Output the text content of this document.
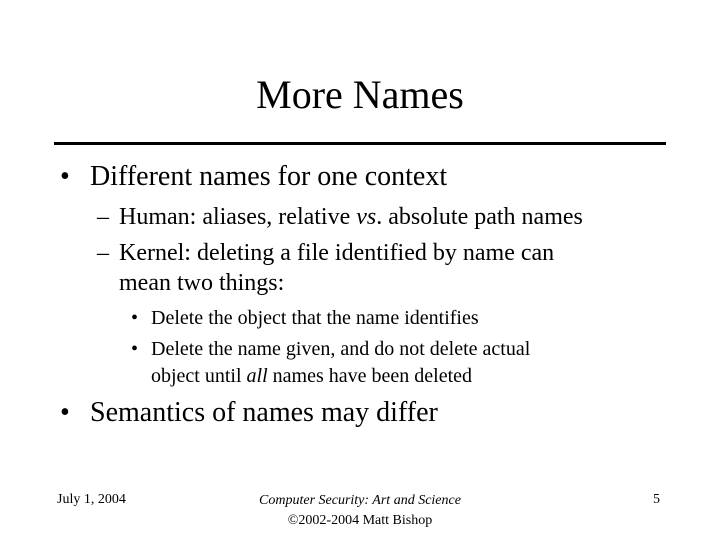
More Names
• Different names for one context
– Human: aliases, relative vs. absolute path names
– Kernel: deleting a file identified by name can
mean two things:
• Delete the object that the name identifies
• Delete the name given, and do not delete actual
object until all names have been deleted
• Semantics of names may differ
July 1, 2004	Computer Security: Art and Science
©2002-2004 Matt Bishop
5
